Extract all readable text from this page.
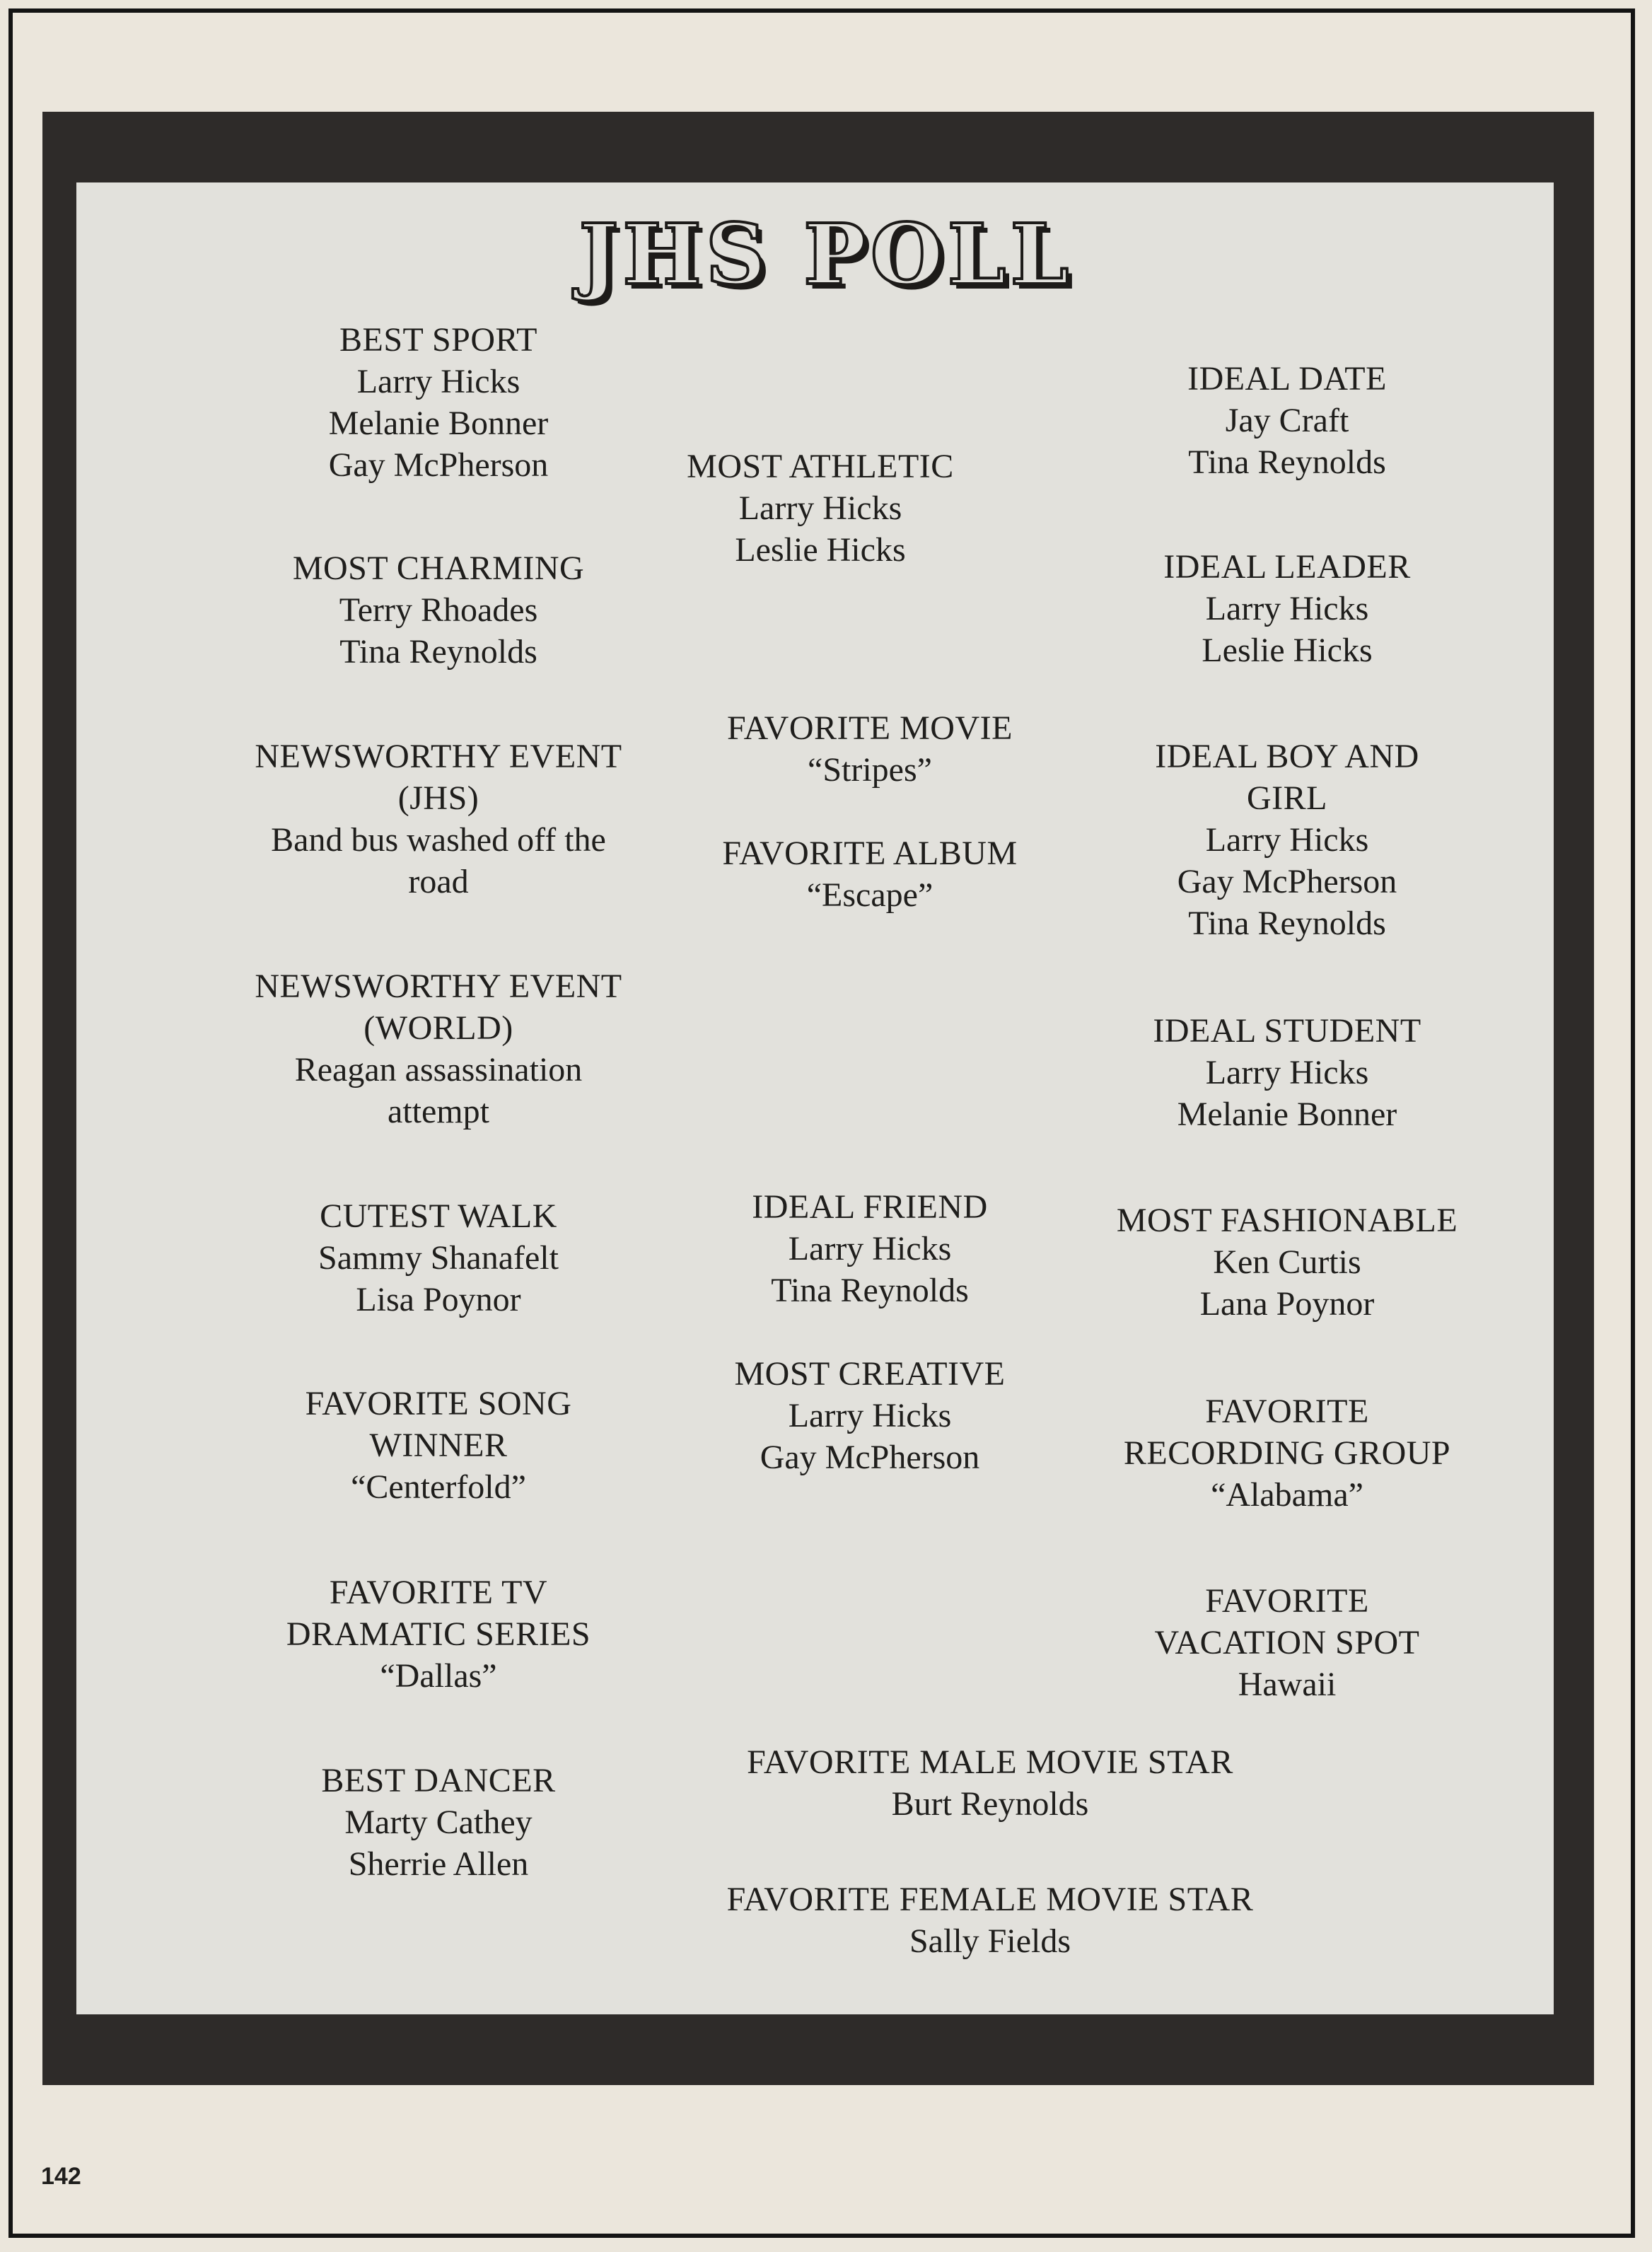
JHS POLL
BEST SPORT
Larry Hicks
Melanie Bonner
Gay McPherson
MOST CHARMING
Terry Rhoades
Tina Reynolds
NEWSWORTHY EVENT
(JHS)
Band bus washed off the
road
NEWSWORTHY EVENT
(WORLD)
Reagan assassination
attempt
CUTEST WALK
Sammy Shanafelt
Lisa Poynor
FAVORITE SONG
WINNER
“Centerfold”
FAVORITE TV
DRAMATIC SERIES
“Dallas”
BEST DANCER
Marty Cathey
Sherrie Allen
MOST ATHLETIC
Larry Hicks
Leslie Hicks
FAVORITE MOVIE
“Stripes”
FAVORITE ALBUM
“Escape”
IDEAL FRIEND
Larry Hicks
Tina Reynolds
MOST CREATIVE
Larry Hicks
Gay McPherson
IDEAL DATE
Jay Craft
Tina Reynolds
IDEAL LEADER
Larry Hicks
Leslie Hicks
IDEAL BOY AND
GIRL
Larry Hicks
Gay McPherson
Tina Reynolds
IDEAL STUDENT
Larry Hicks
Melanie Bonner
MOST FASHIONABLE
Ken Curtis
Lana Poynor
FAVORITE
RECORDING GROUP
“Alabama”
FAVORITE
VACATION SPOT
Hawaii
FAVORITE MALE MOVIE STAR
Burt Reynolds
FAVORITE FEMALE MOVIE STAR
Sally Fields

142
